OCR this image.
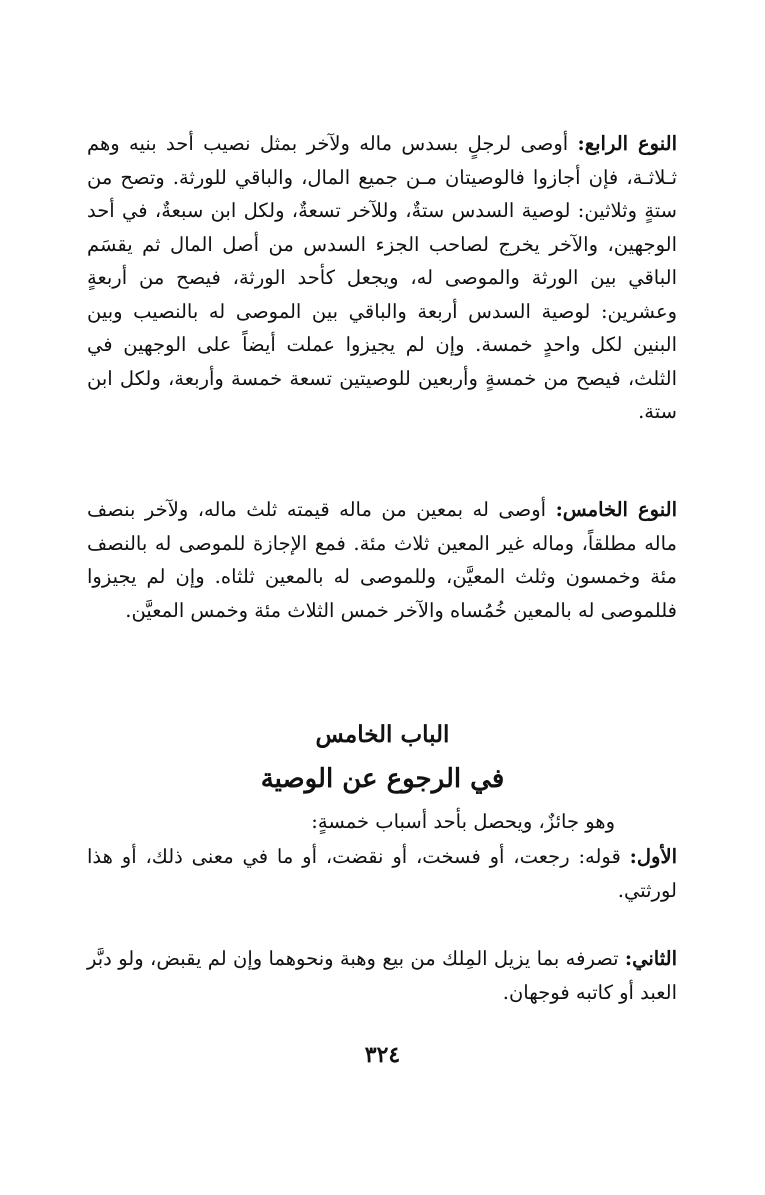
النوع الرابع: أوصى لرجلٍ بسدس ماله ولآخر بمثل نصيب أحد بنيه وهم ثـلاثـة، فإن أجازوا فالوصيتان مـن جميع المال، والباقي للورثة. وتصح من ستةٍ وثلاثين: لوصية السدس ستةٌ، وللآخر تسعةٌ، ولكل ابن سبعةٌ، في أحد الوجهين، والآخر يخرج لصاحب الجزء السدس من أصل المال ثم يقسَم الباقي بين الورثة والموصى له، ويجعل كأحد الورثة، فيصح من أربعةٍ وعشرين: لوصية السدس أربعة والباقي بين الموصى له بالنصيب وبين البنين لكل واحدٍ خمسة. وإن لم يجيزوا عملت أيضاً على الوجهين في الثلث، فيصح من خمسةٍ وأربعين للوصيتين تسعة خمسة وأربعة، ولكل ابن ستة.

النوع الخامس: أوصى له بمعين من ماله قيمته ثلث ماله، ولآخر بنصف ماله مطلقاً، وماله غير المعين ثلاث مئة. فمع الإجازة للموصى له بالنصف مئة وخمسون وثلث المعيَّن، وللموصى له بالمعين ثلثاه. وإن لم يجيزوا فللموصى له بالمعين خُمُساه والآخر خمس الثلاث مئة وخمس المعيَّن.

الباب الخامس
في الرجوع عن الوصية
وهو جائزٌ، ويحصل بأحد أسباب خمسةٍ:

الأول: قوله: رجعت، أو فسخت، أو نقضت، أو ما في معنى ذلك، أو هذا لورثتي.

الثاني: تصرفه بما يزيل المِلك من بيع وهبة ونحوهما وإن لم يقبض، ولو دبَّر العبد أو كاتبه فوجهان.

٣٢٤
